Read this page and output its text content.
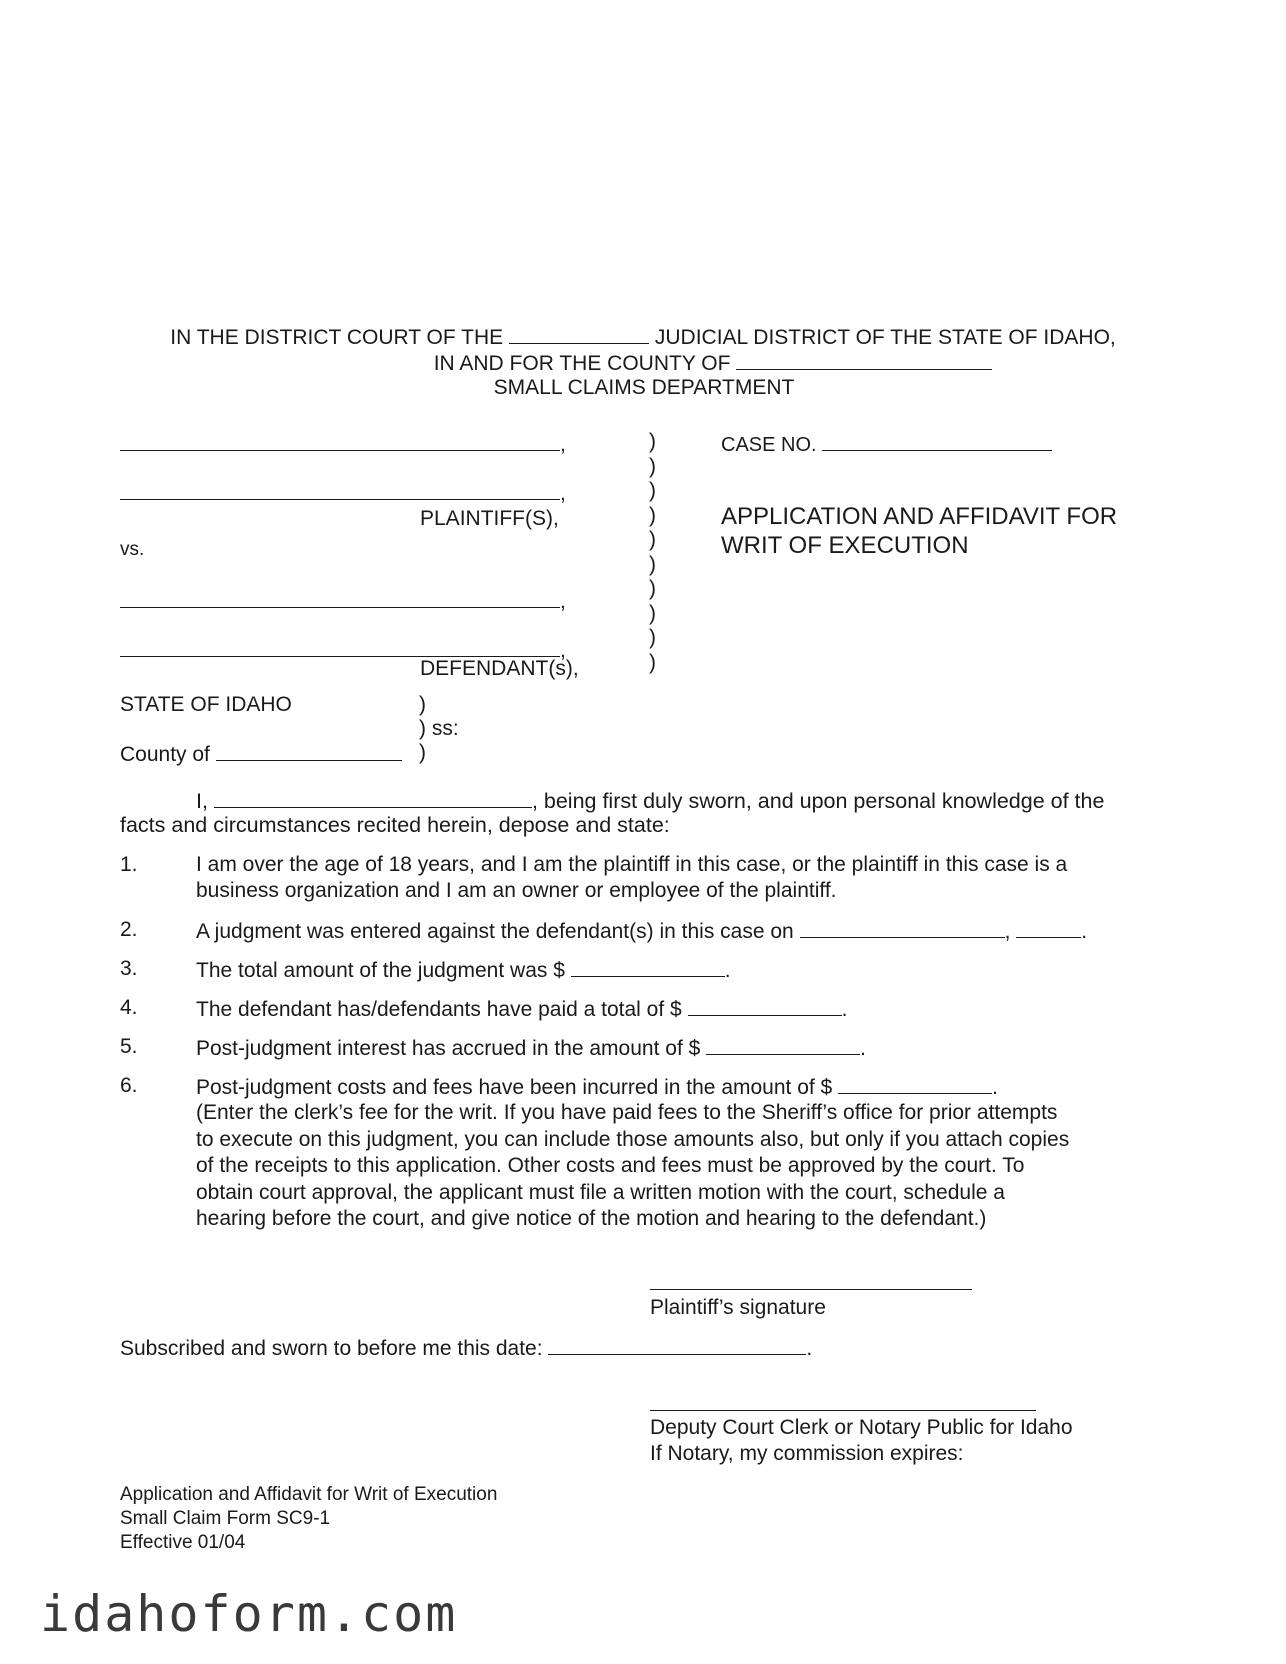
IN THE DISTRICT COURT OF THE	JUDICIAL DISTRICT OF THE STATE OF IDAHO,
IN AND FOR THE COUNTY OF
SMALL CLAIMS DEPARTMENT
,
,
PLAINTIFF(S),
vs.
,
,
DEFENDANT(s),
)
)
)
)
)
)
)
)
)
)
CASE NO.
APPLICATION AND AFFIDAVIT FOR
WRIT OF EXECUTION
STATE OF IDAHO	)
) ss:
County of	)
I,	, being first duly sworn, and upon personal knowledge of the
facts and circumstances recited herein, depose and state:
1.	I am over the age of 18 years, and I am the plaintiff in this case, or the plaintiff in this case is a
business organization and I am an owner or employee of the plaintiff.
2.	A judgment was entered against the defendant(s) in this case on	,	.
3.	The total amount of the judgment was $	.
4.	The defendant has/defendants have paid a total of $	.
5.	Post-judgment interest has accrued in the amount of $	.
6.	Post-judgment costs and fees have been incurred in the amount of $	.
(Enter the clerk’s fee for the writ. If you have paid fees to the Sheriff’s office for prior attempts
to execute on this judgment, you can include those amounts also, but only if you attach copies
of the receipts to this application. Other costs and fees must be approved by the court. To
obtain court approval, the applicant must file a written motion with the court, schedule a
hearing before the court, and give notice of the motion and hearing to the defendant.)
Plaintiff’s signature
Subscribed and sworn to before me this date:	.
Deputy Court Clerk or Notary Public for Idaho
If Notary, my commission expires:
Application and Affidavit for Writ of Execution
Small Claim Form SC9-1
Effective 01/04
idahoform.com
